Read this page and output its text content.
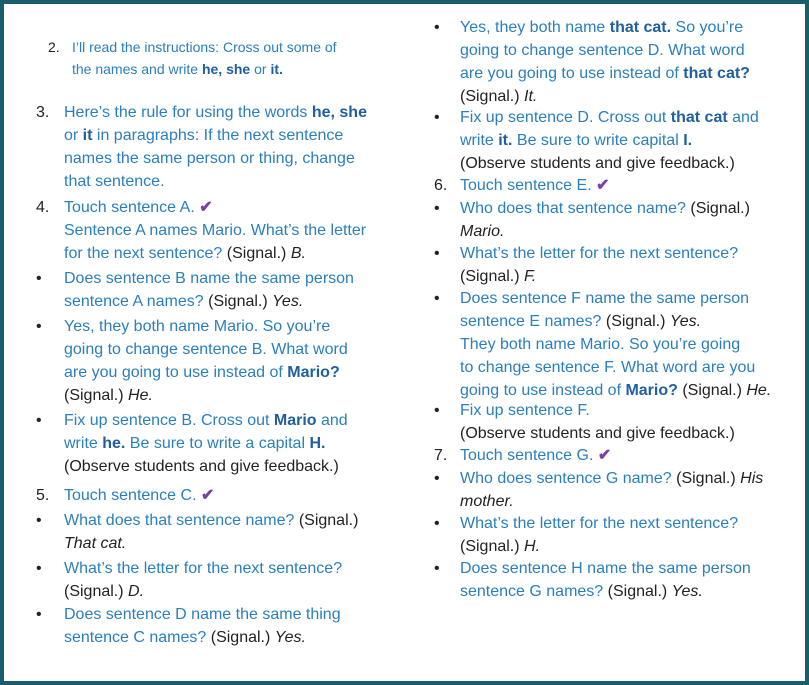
2. I’ll read the instructions: Cross out some of
the names and write he, she or it.
3. Here’s the rule for using the words he, she
or it in paragraphs: If the next sentence
names the same person or thing, change
that sentence.
4. Touch sentence A. ✔
Sentence A names Mario. What’s the letter
for the next sentence? (Signal.) B.
• Does sentence B name the same person
sentence A names? (Signal.) Yes.
• Yes, they both name Mario. So you’re
going to change sentence B. What word
are you going to use instead of Mario?
(Signal.) He.
• Fix up sentence B. Cross out Mario and
write he. Be sure to write a capital H.
(Observe students and give feedback.)
5. Touch sentence C. ✔
• What does that sentence name? (Signal.)
That cat.
• What’s the letter for the next sentence?
(Signal.) D.
• Does sentence D name the same thing
sentence C names? (Signal.) Yes.
• Yes, they both name that cat. So you’re
going to change sentence D. What word
are you going to use instead of that cat?
(Signal.) It.
• Fix up sentence D. Cross out that cat and
write it. Be sure to write capital I.
(Observe students and give feedback.)
6. Touch sentence E. ✔
• Who does that sentence name? (Signal.)
Mario.
• What’s the letter for the next sentence?
(Signal.) F.
• Does sentence F name the same person
sentence E names? (Signal.) Yes.
They both name Mario. So you’re going
to change sentence F. What word are you
going to use instead of Mario? (Signal.) He.
• Fix up sentence F.
(Observe students and give feedback.)
7. Touch sentence G. ✔
• Who does sentence G name? (Signal.) His
mother.
• What’s the letter for the next sentence?
(Signal.) H.
• Does sentence H name the same person
sentence G names? (Signal.) Yes.
